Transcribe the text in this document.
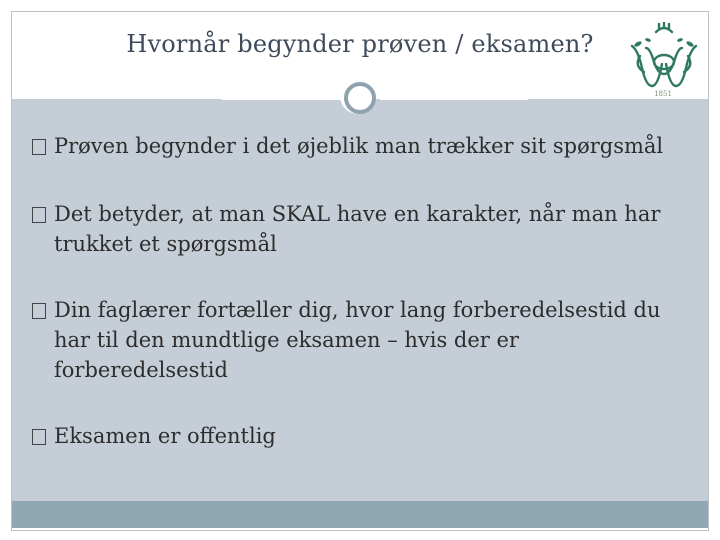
Hvornår begynder prøven / eksamen?
1851
Prøven begynder i det øjeblik man trækker sit spørgsmål
Det betyder, at man SKAL have en karakter, når man har trukket et spørgsmål
Din faglærer fortæller dig, hvor lang forberedelsestid du har til den mundtlige eksamen – hvis der er forberedelsestid
Eksamen er offentlig
